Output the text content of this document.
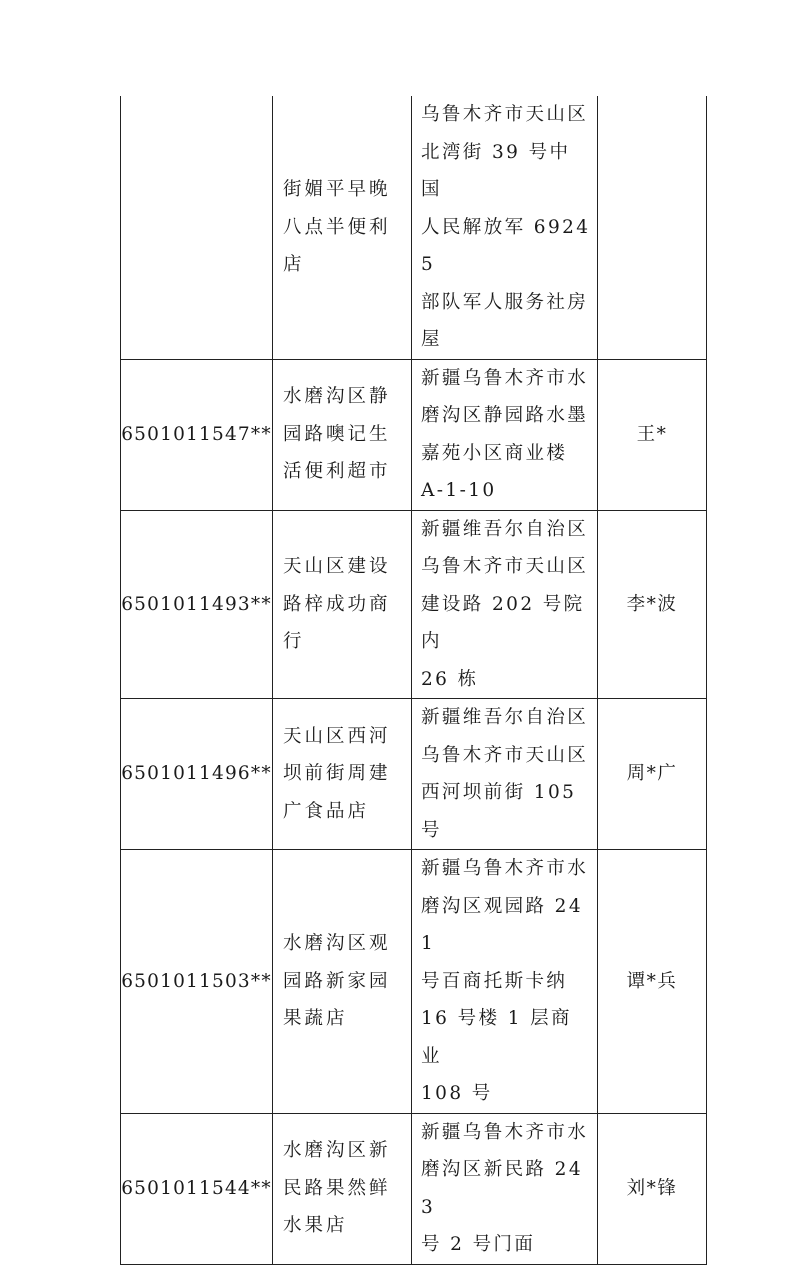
	街媚平早晚
八点半便利
店	乌鲁木齐市天山区
北湾街 39 号中国
人民解放军 69245
部队军人服务社房
屋	

6501011547**	水磨沟区静
园路噢记生
活便利超市	新疆乌鲁木齐市水
磨沟区静园路水墨
嘉苑小区商业楼
A-1-10	王*

6501011493**	天山区建设
路梓成功商
行	新疆维吾尔自治区
乌鲁木齐市天山区
建设路 202 号院内
26 栋	李*波

6501011496**	天山区西河
坝前街周建
广食品店	新疆维吾尔自治区
乌鲁木齐市天山区
西河坝前街 105 号	周*广

6501011503**	水磨沟区观
园路新家园
果蔬店	新疆乌鲁木齐市水
磨沟区观园路 241
号百商托斯卡纳
16 号楼 1 层商业
108 号	谭*兵

6501011544**	水磨沟区新
民路果然鲜
水果店	新疆乌鲁木齐市水
磨沟区新民路 243
号 2 号门面	刘*锋
